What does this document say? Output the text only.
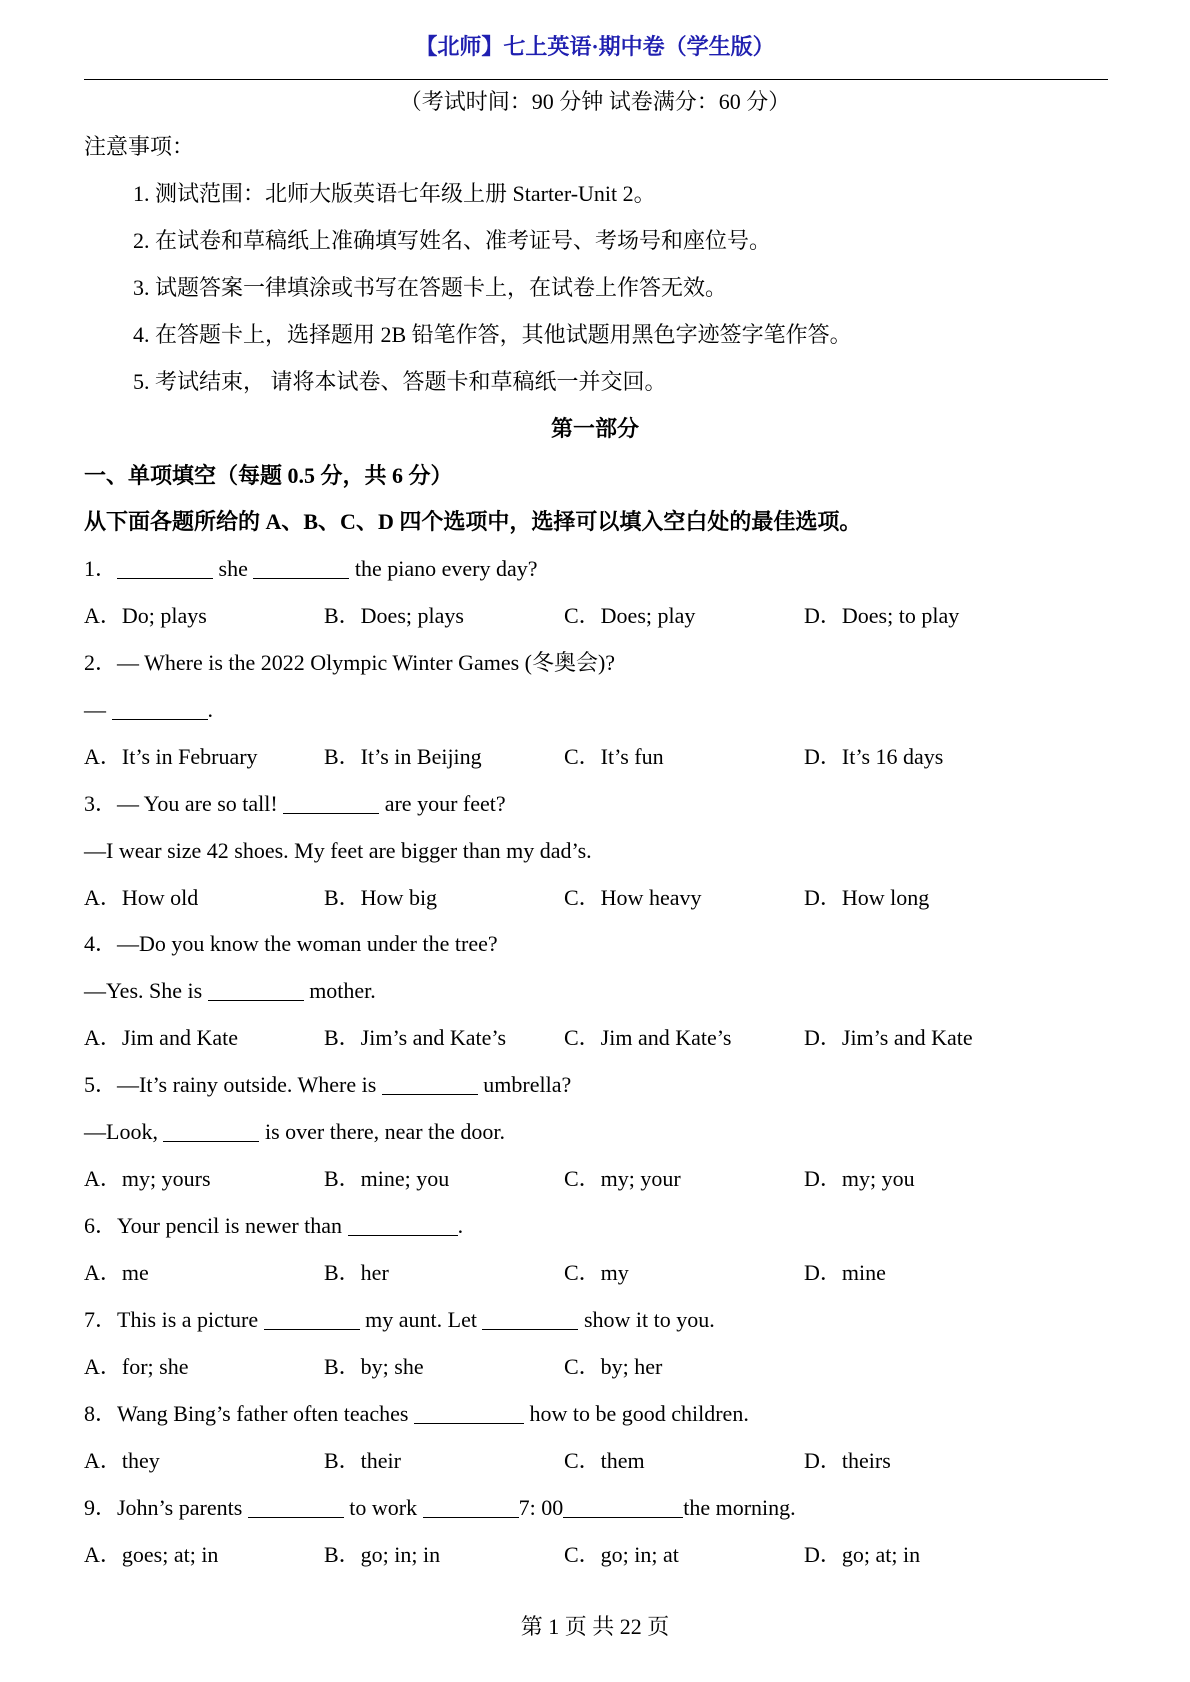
【北师】七上英语·期中卷（学生版）
（考试时间：90 分钟 试卷满分：60 分）
注意事项：
1. 测试范围：北师大版英语七年级上册 Starter-Unit 2。
2. 在试卷和草稿纸上准确填写姓名、准考证号、考场号和座位号。
3. 试题答案一律填涂或书写在答题卡上，在试卷上作答无效。
4. 在答题卡上，选择题用 2B 铅笔作答，其他试题用黑色字迹签字笔作答。
5. 考试结束， 请将本试卷、答题卡和草稿纸一并交回。
第一部分
一、单项填空（每题 0.5 分，共 6 分）
从下面各题所给的 A、B、C、D 四个选项中，选择可以填入空白处的最佳选项。
1．	she	the piano every day?
A．Do; plays	B．Does; plays	C．Does; play	D．Does; to play
2．— Where is the 2022 Olympic Winter Games (冬奥会)?
—	.
A．It’s in February	B．It’s in Beijing	C．It’s fun	D．It’s 16 days
3．— You are so tall!	are your feet?
—I wear size 42 shoes. My feet are bigger than my dad’s.
A．How old	B．How big	C．How heavy	D．How long
4．—Do you know the woman under the tree?
—Yes. She is	mother.
A．Jim and Kate	B．Jim’s and Kate’s	C．Jim and Kate’s	D．Jim’s and Kate
5．—It’s rainy outside. Where is	umbrella?
—Look,	is over there, near the door.
A．my; yours	B．mine; you	C．my; your	D．my; you
6．Your pencil is newer than	.
A．me	B．her	C．my	D．mine
7．This is a picture	my aunt. Let	show it to you.
A．for; she	B．by; she	C．by; her
8．Wang Bing’s father often teaches	how to be good children.
A．they	B．their	C．them	D．theirs
9．John’s parents	to work	7: 00	the morning.
A．goes; at; in	B．go; in; in	C．go; in; at	D．go; at; in
第 1 页 共 22 页
